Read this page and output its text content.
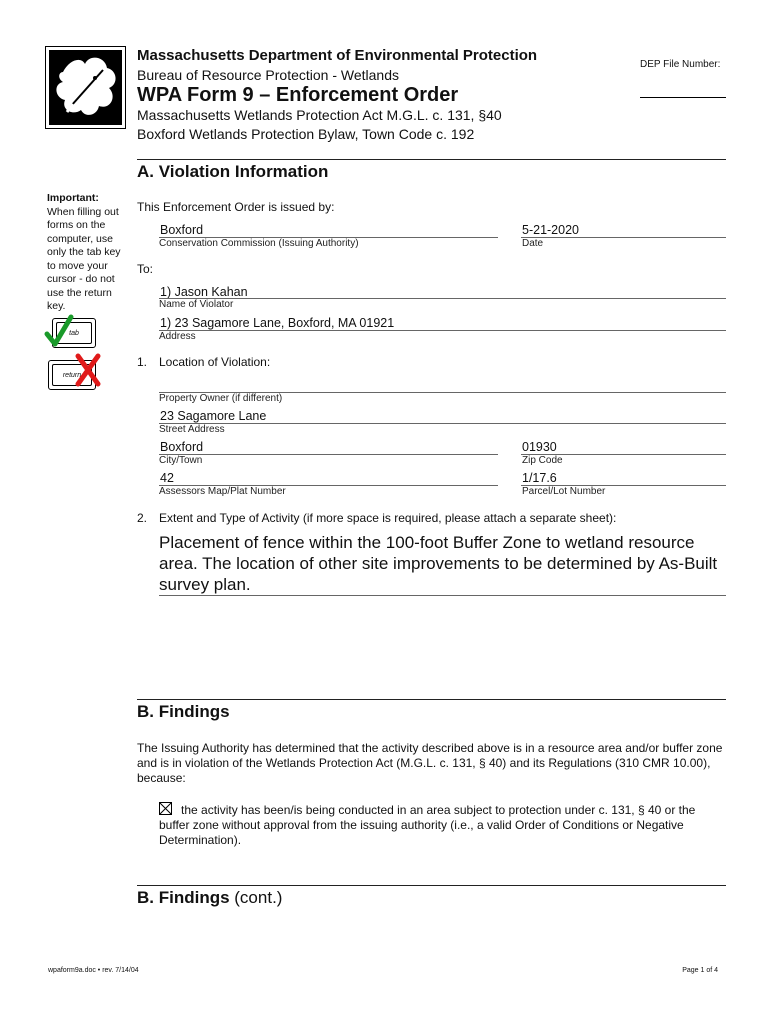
Massachusetts Department of Environmental Protection
Bureau of Resource Protection - Wetlands
DEP File Number:
WPA Form 9 – Enforcement Order
Massachusetts Wetlands Protection Act M.G.L. c. 131, §40
Boxford Wetlands Protection Bylaw, Town Code c. 192
A. Violation Information
Important:
When filling out forms on the computer, use only the tab key to move your cursor - do not use the return key.
tab
return
This Enforcement Order is issued by:
Boxford
Conservation Commission (Issuing Authority)
5-21-2020
Date
To:
1) Jason Kahan
Name of Violator
1) 23 Sagamore Lane, Boxford, MA 01921
Address
1. Location of Violation:
Property Owner (if different)
23 Sagamore Lane
Street Address
Boxford
City/Town
01930
Zip Code
42
Assessors Map/Plat Number
1/17.6
Parcel/Lot Number
2. Extent and Type of Activity (if more space is required, please attach a separate sheet):
Placement of fence within the 100-foot Buffer Zone to wetland resource area. The location of other site improvements to be determined by As-Built survey plan.
B. Findings
The Issuing Authority has determined that the activity described above is in a resource area and/or buffer zone and is in violation of the Wetlands Protection Act (M.G.L. c. 131, § 40) and its Regulations (310 CMR 10.00), because:
the activity has been/is being conducted in an area subject to protection under c. 131, § 40 or the buffer zone without approval from the issuing authority (i.e., a valid Order of Conditions or Negative Determination).
B. Findings (cont.)
wpaform9a.doc • rev. 7/14/04	Page 1 of 4
